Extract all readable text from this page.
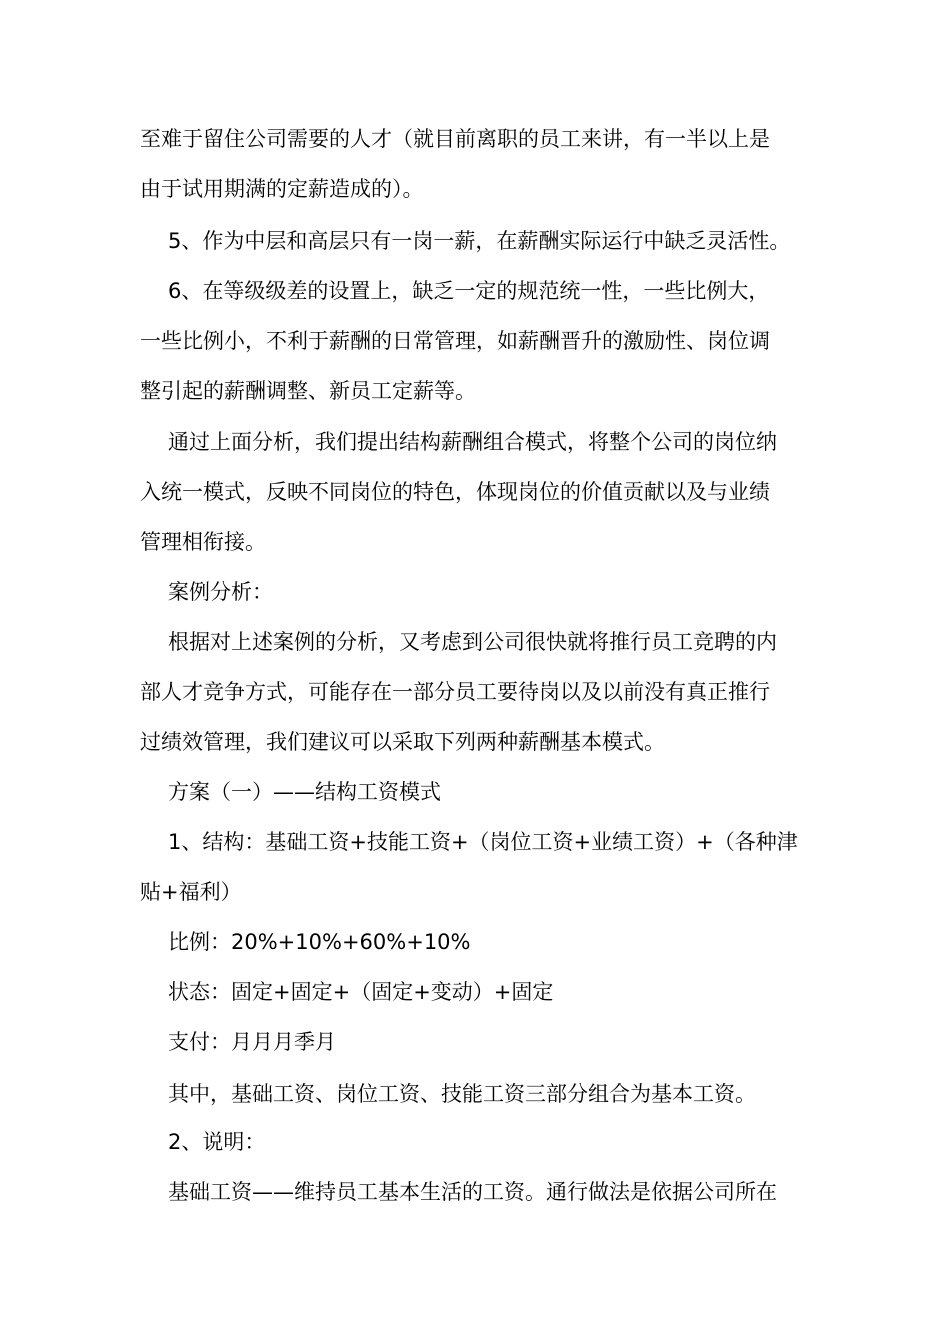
至难于留住公司需要的人才（就目前离职的员工来讲，有一半以上是
由于试用期满的定薪造成的）。
5、作为中层和高层只有一岗一薪，在薪酬实际运行中缺乏灵活性。
6、在等级级差的设置上，缺乏一定的规范统一性，一些比例大，
一些比例小，不利于薪酬的日常管理，如薪酬晋升的激励性、岗位调
整引起的薪酬调整、新员工定薪等。
通过上面分析，我们提出结构薪酬组合模式，将整个公司的岗位纳
入统一模式，反映不同岗位的特色，体现岗位的价值贡献以及与业绩
管理相衔接。
案例分析：
根据对上述案例的分析，又考虑到公司很快就将推行员工竞聘的内
部人才竞争方式，可能存在一部分员工要待岗以及以前没有真正推行
过绩效管理，我们建议可以采取下列两种薪酬基本模式。
方案（一）——结构工资模式
1、结构：基础工资+技能工资+（岗位工资+业绩工资）+（各种津
贴+福利）
比例：20%+10%+60%+10%
状态：固定+固定+（固定+变动）+固定
支付：月月月季月
其中，基础工资、岗位工资、技能工资三部分组合为基本工资。
2、说明：
基础工资——维持员工基本生活的工资。通行做法是依据公司所在
